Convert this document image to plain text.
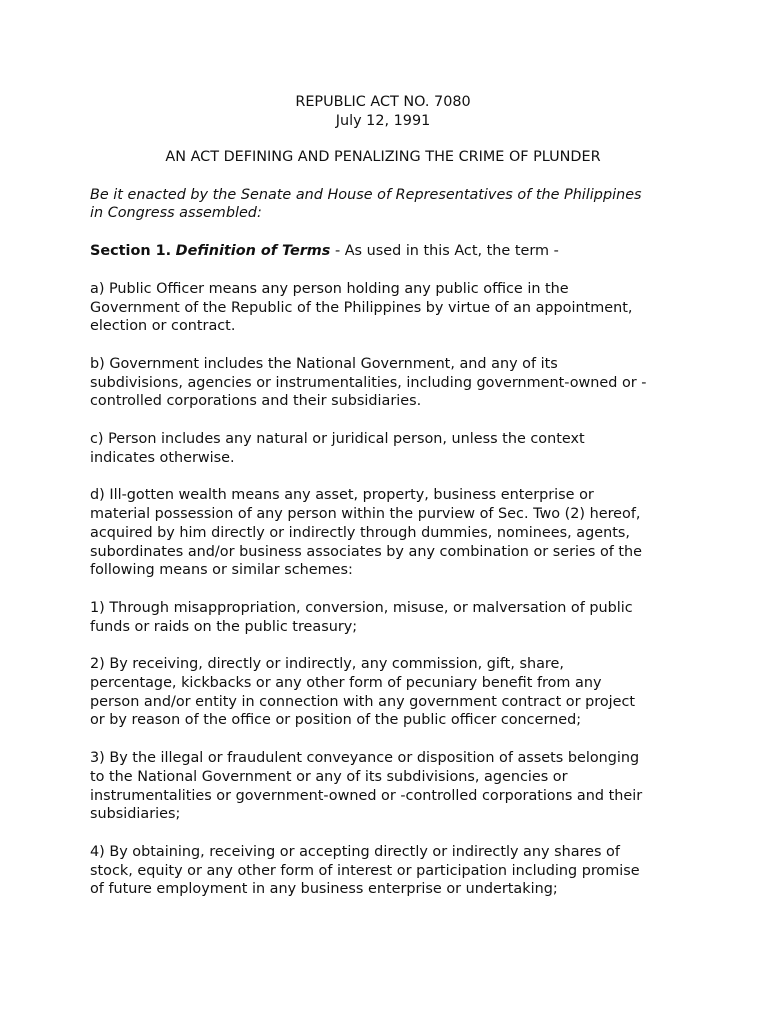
REPUBLIC ACT NO. 7080
July 12, 1991
AN ACT DEFINING AND PENALIZING THE CRIME OF PLUNDER
Be it enacted by the Senate and House of Representatives of the Philippines
in Congress assembled:
Section 1. Definition of Terms - As used in this Act, the term -
a) Public Officer means any person holding any public office in the
Government of the Republic of the Philippines by virtue of an appointment,
election or contract.
b) Government includes the National Government, and any of its
subdivisions, agencies or instrumentalities, including government-owned or -
controlled corporations and their subsidiaries.
c) Person includes any natural or juridical person, unless the context
indicates otherwise.
d) Ill-gotten wealth means any asset, property, business enterprise or
material possession of any person within the purview of Sec. Two (2) hereof,
acquired by him directly or indirectly through dummies, nominees, agents,
subordinates and/or business associates by any combination or series of the
following means or similar schemes:
1) Through misappropriation, conversion, misuse, or malversation of public
funds or raids on the public treasury;
2) By receiving, directly or indirectly, any commission, gift, share,
percentage, kickbacks or any other form of pecuniary benefit from any
person and/or entity in connection with any government contract or project
or by reason of the office or position of the public officer concerned;
3) By the illegal or fraudulent conveyance or disposition of assets belonging
to the National Government or any of its subdivisions, agencies or
instrumentalities or government-owned or -controlled corporations and their
subsidiaries;
4) By obtaining, receiving or accepting directly or indirectly any shares of
stock, equity or any other form of interest or participation including promise
of future employment in any business enterprise or undertaking;
